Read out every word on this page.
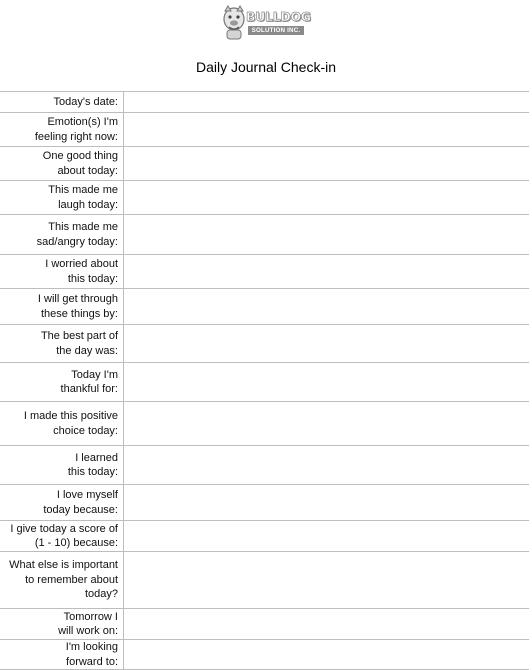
BULLDOG
SOLUTION INC.
Daily Journal Check-in
Today's date:
Emotion(s) I'm
feeling right now:
One good thing
about today:
This made me
laugh today:
This made me
sad/angry today:
I worried about
this today:
I will get through
these things by:
The best part of
the day was:
Today I'm
thankful for:
I made this positive
choice today:
I learned
this today:
I love myself
today because:
I give today a score of
(1 - 10) because:
What else is important
to remember about
today?
Tomorrow I
will work on:
I'm looking
forward to:
